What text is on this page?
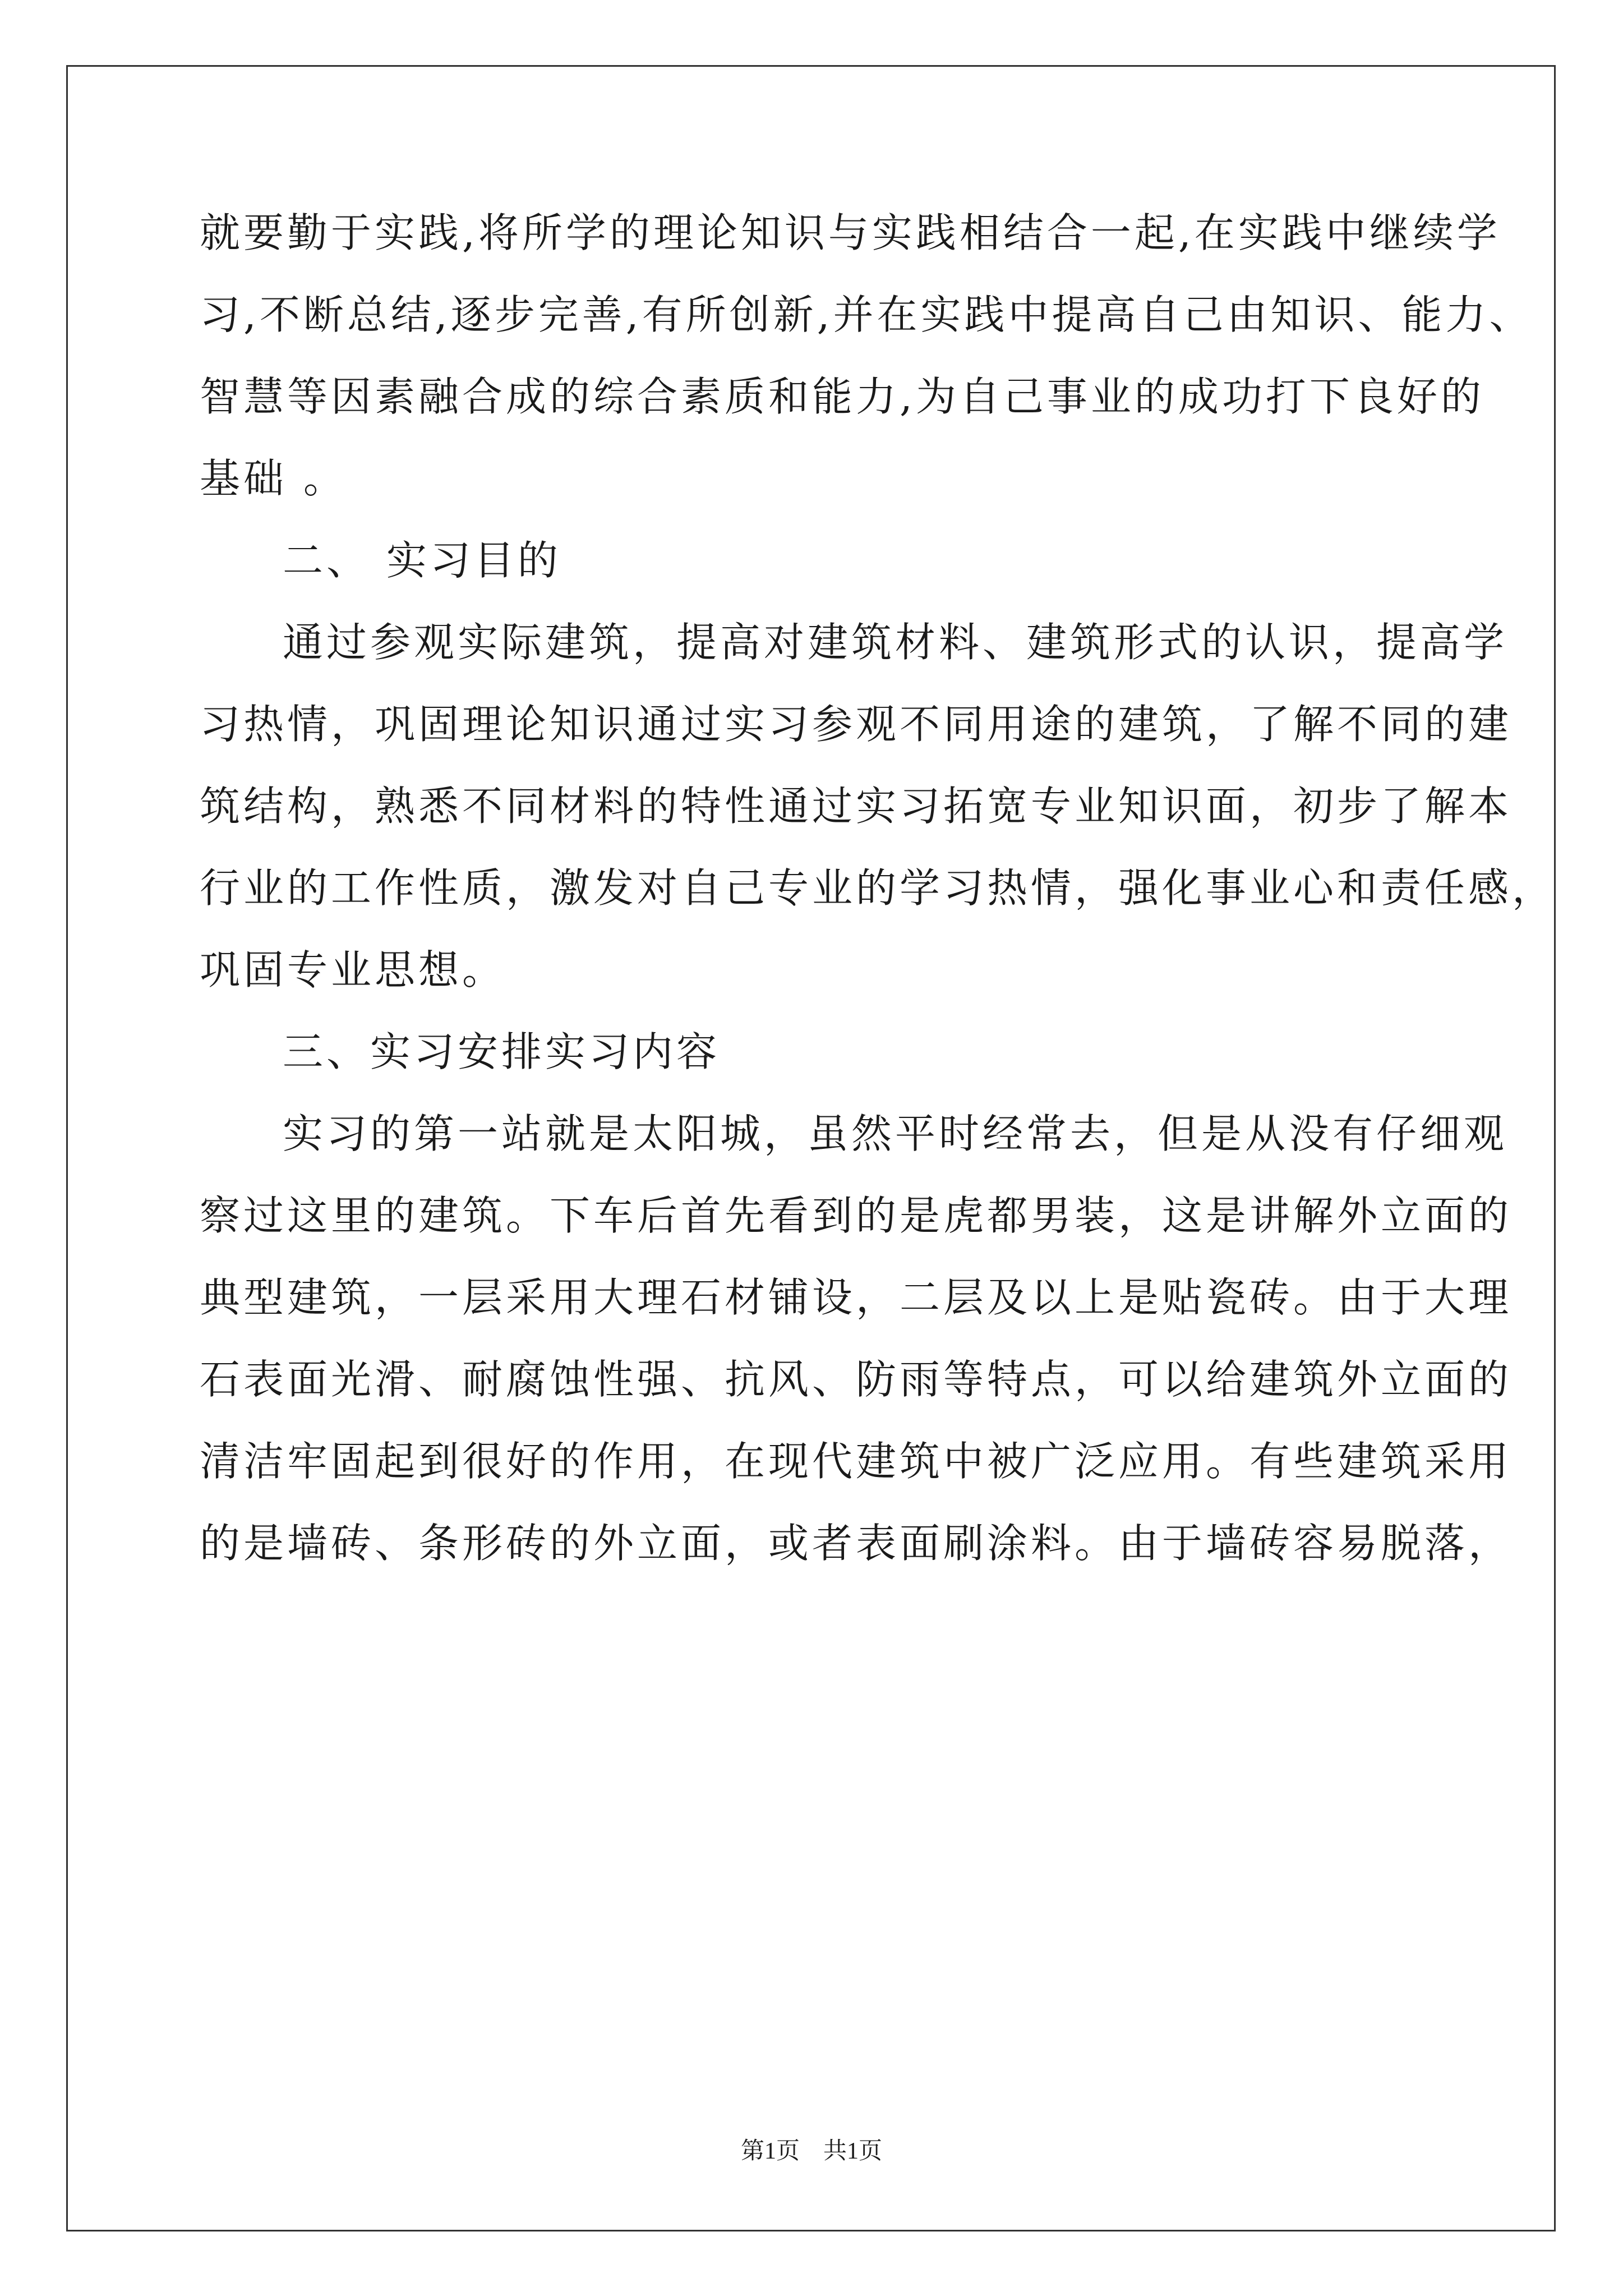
就要勤于实践,将所学的理论知识与实践相结合一起,在实践中继续学
习,不断总结,逐步完善,有所创新,并在实践中提高自己由知识、能力、
智慧等因素融合成的综合素质和能力,为自己事业的成功打下良好的
基础 。
二、 实习目的
通过参观实际建筑，提高对建筑材料、建筑形式的认识，提高学
习热情，巩固理论知识通过实习参观不同用途的建筑，了解不同的建
筑结构，熟悉不同材料的特性通过实习拓宽专业知识面，初步了解本
行业的工作性质，激发对自己专业的学习热情，强化事业心和责任感，
巩固专业思想。
三、实习安排实习内容
实习的第一站就是太阳城，虽然平时经常去，但是从没有仔细观
察过这里的建筑。下车后首先看到的是虎都男装，这是讲解外立面的
典型建筑，一层采用大理石材铺设，二层及以上是贴瓷砖。由于大理
石表面光滑、耐腐蚀性强、抗风、防雨等特点，可以给建筑外立面的
清洁牢固起到很好的作用，在现代建筑中被广泛应用。有些建筑采用
的是墙砖、条形砖的外立面，或者表面刷涂料。由于墙砖容易脱落，
第1页　共1页
